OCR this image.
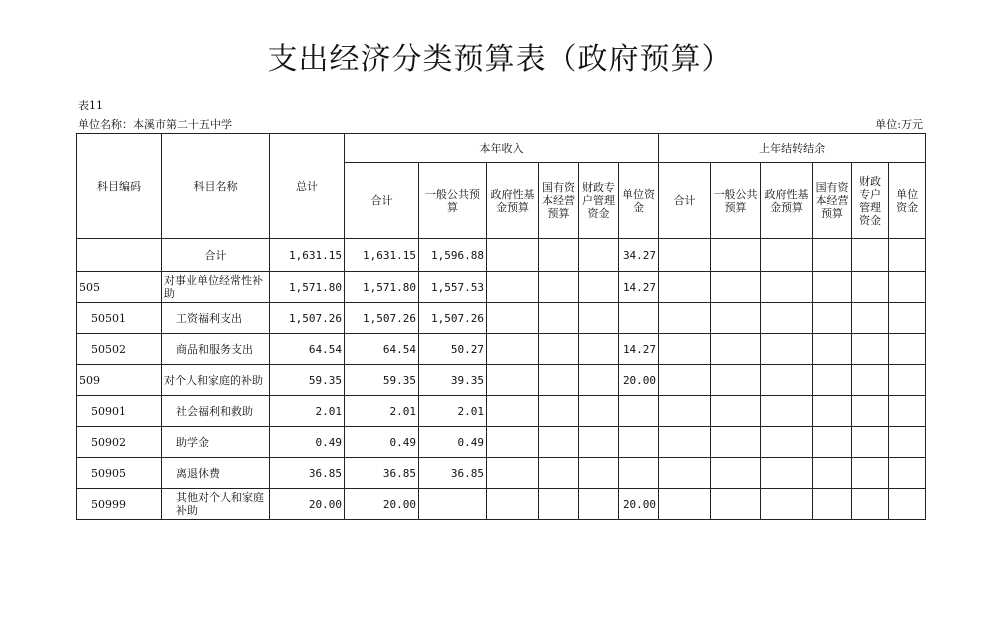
支出经济分类预算表（政府预算）
表11
单位名称：本溪市第二十五中学	单位:万元
科目编码	科目名称	总计	本年收入						上年结转结余					
			合计	一般公共预算	政府性基金预算	国有资本经营预算	财政专户管理资金	单位资金	合计	一般公共预算	政府性基金预算	国有资本经营预算	财政专户管理资金	单位资金
	合计	1,631.15	1,631.15	1,596.88				34.27						
505	对事业单位经常性补助	1,571.80	1,571.80	1,557.53				14.27						
50501	工资福利支出	1,507.26	1,507.26	1,507.26										
50502	商品和服务支出	64.54	64.54	50.27				14.27						
509	对个人和家庭的补助	59.35	59.35	39.35				20.00						
50901	社会福利和救助	2.01	2.01	2.01										
50902	助学金	0.49	0.49	0.49										
50905	离退休费	36.85	36.85	36.85										
50999	其他对个人和家庭补助	20.00	20.00					20.00						
